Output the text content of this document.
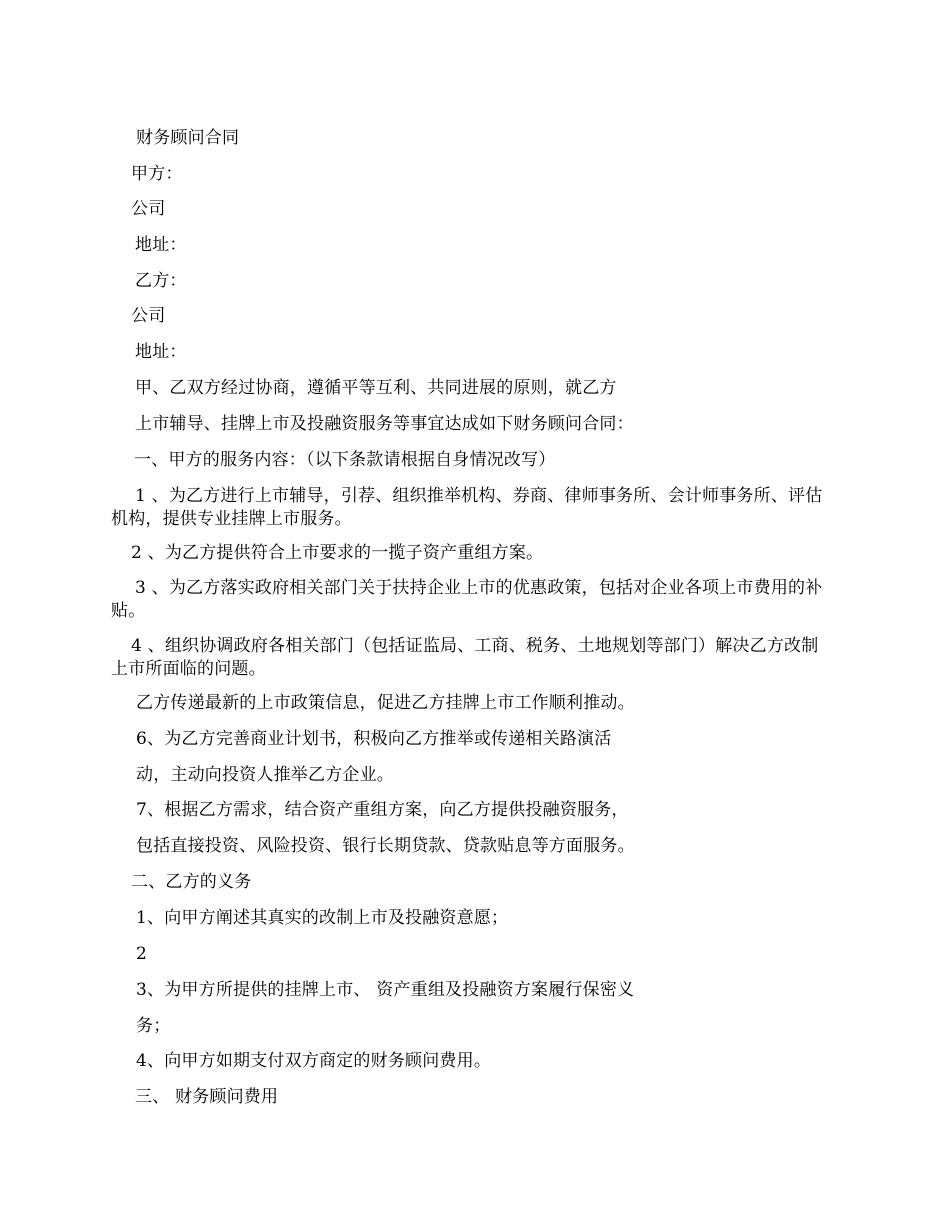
财务顾问合同
甲方：
公司
地址：
乙方：
公司
地址：
甲、乙双方经过协商，遵循平等互利、共同进展的原则，就乙方
上市辅导、挂牌上市及投融资服务等事宜达成如下财务顾问合同：
一、甲方的服务内容：（以下条款请根据自身情况改写）
1 、为乙方进行上市辅导，引荐、组织推举机构、券商、律师事务所、会计师事务所、评估机构，提供专业挂牌上市服务。
2 、为乙方提供符合上市要求的一揽子资产重组方案。
3 、为乙方落实政府相关部门关于扶持企业上市的优惠政策，包括对企业各项上市费用的补贴。
4 、组织协调政府各相关部门（包括证监局、工商、税务、土地规划等部门）解决乙方改制上市所面临的问题。
乙方传递最新的上市政策信息，促进乙方挂牌上市工作顺利推动。
6、为乙方完善商业计划书，积极向乙方推举或传递相关路演活
动，主动向投资人推举乙方企业。
7、根据乙方需求，结合资产重组方案，向乙方提供投融资服务，
包括直接投资、风险投资、银行长期贷款、贷款贴息等方面服务。
二、乙方的义务
1、向甲方阐述其真实的改制上市及投融资意愿；
2
3、为甲方所提供的挂牌上市、 资产重组及投融资方案履行保密义
务；
4、向甲方如期支付双方商定的财务顾问费用。
三、 财务顾问费用
